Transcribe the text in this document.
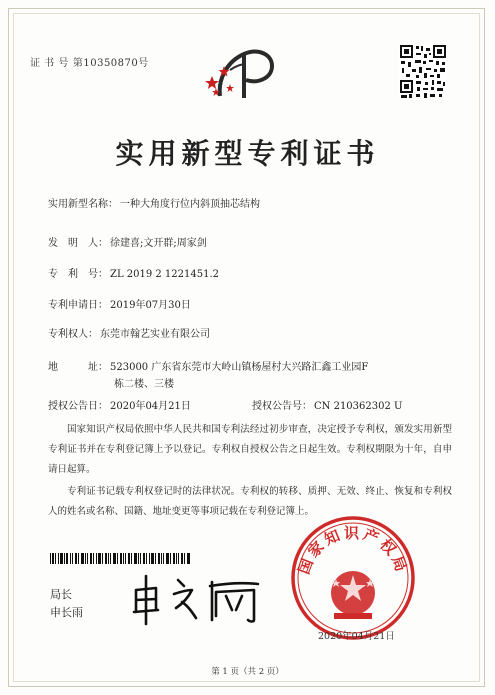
证 书 号 第10350870号
实用新型专利证书
实用新型名称： 一种大角度行位内斜顶抽芯结构
发　明　人： 徐建喜;文开群;周家剑
专　利　号： ZL 2019 2 1221451.2
专利申请日： 2019年07月30日
专利权人： 东莞市翰艺实业有限公司
地　　　址： 523000 广东省东莞市大岭山镇杨屋村大兴路汇鑫工业园F
栋二楼、三楼
授权公告日： 2020年04月21日	授权公告号： CN 210362302 U
国家知识产权局依照中华人民共和国专利法经过初步审查，决定授予专利权，颁发实用新型专利证书并在专利登记簿上予以登记。专利权自授权公告之日起生效。专利权期限为十年，自申请日起算。
专利证书记载专利权登记时的法律状况。专利权的转移、质押、无效、终止、恢复和专利权人的姓名或名称、国籍、地址变更等事项记载在专利登记簿上。
局长
申长雨
国家知识产权局
2020年04月21日
第 1 页（共 2 页）
